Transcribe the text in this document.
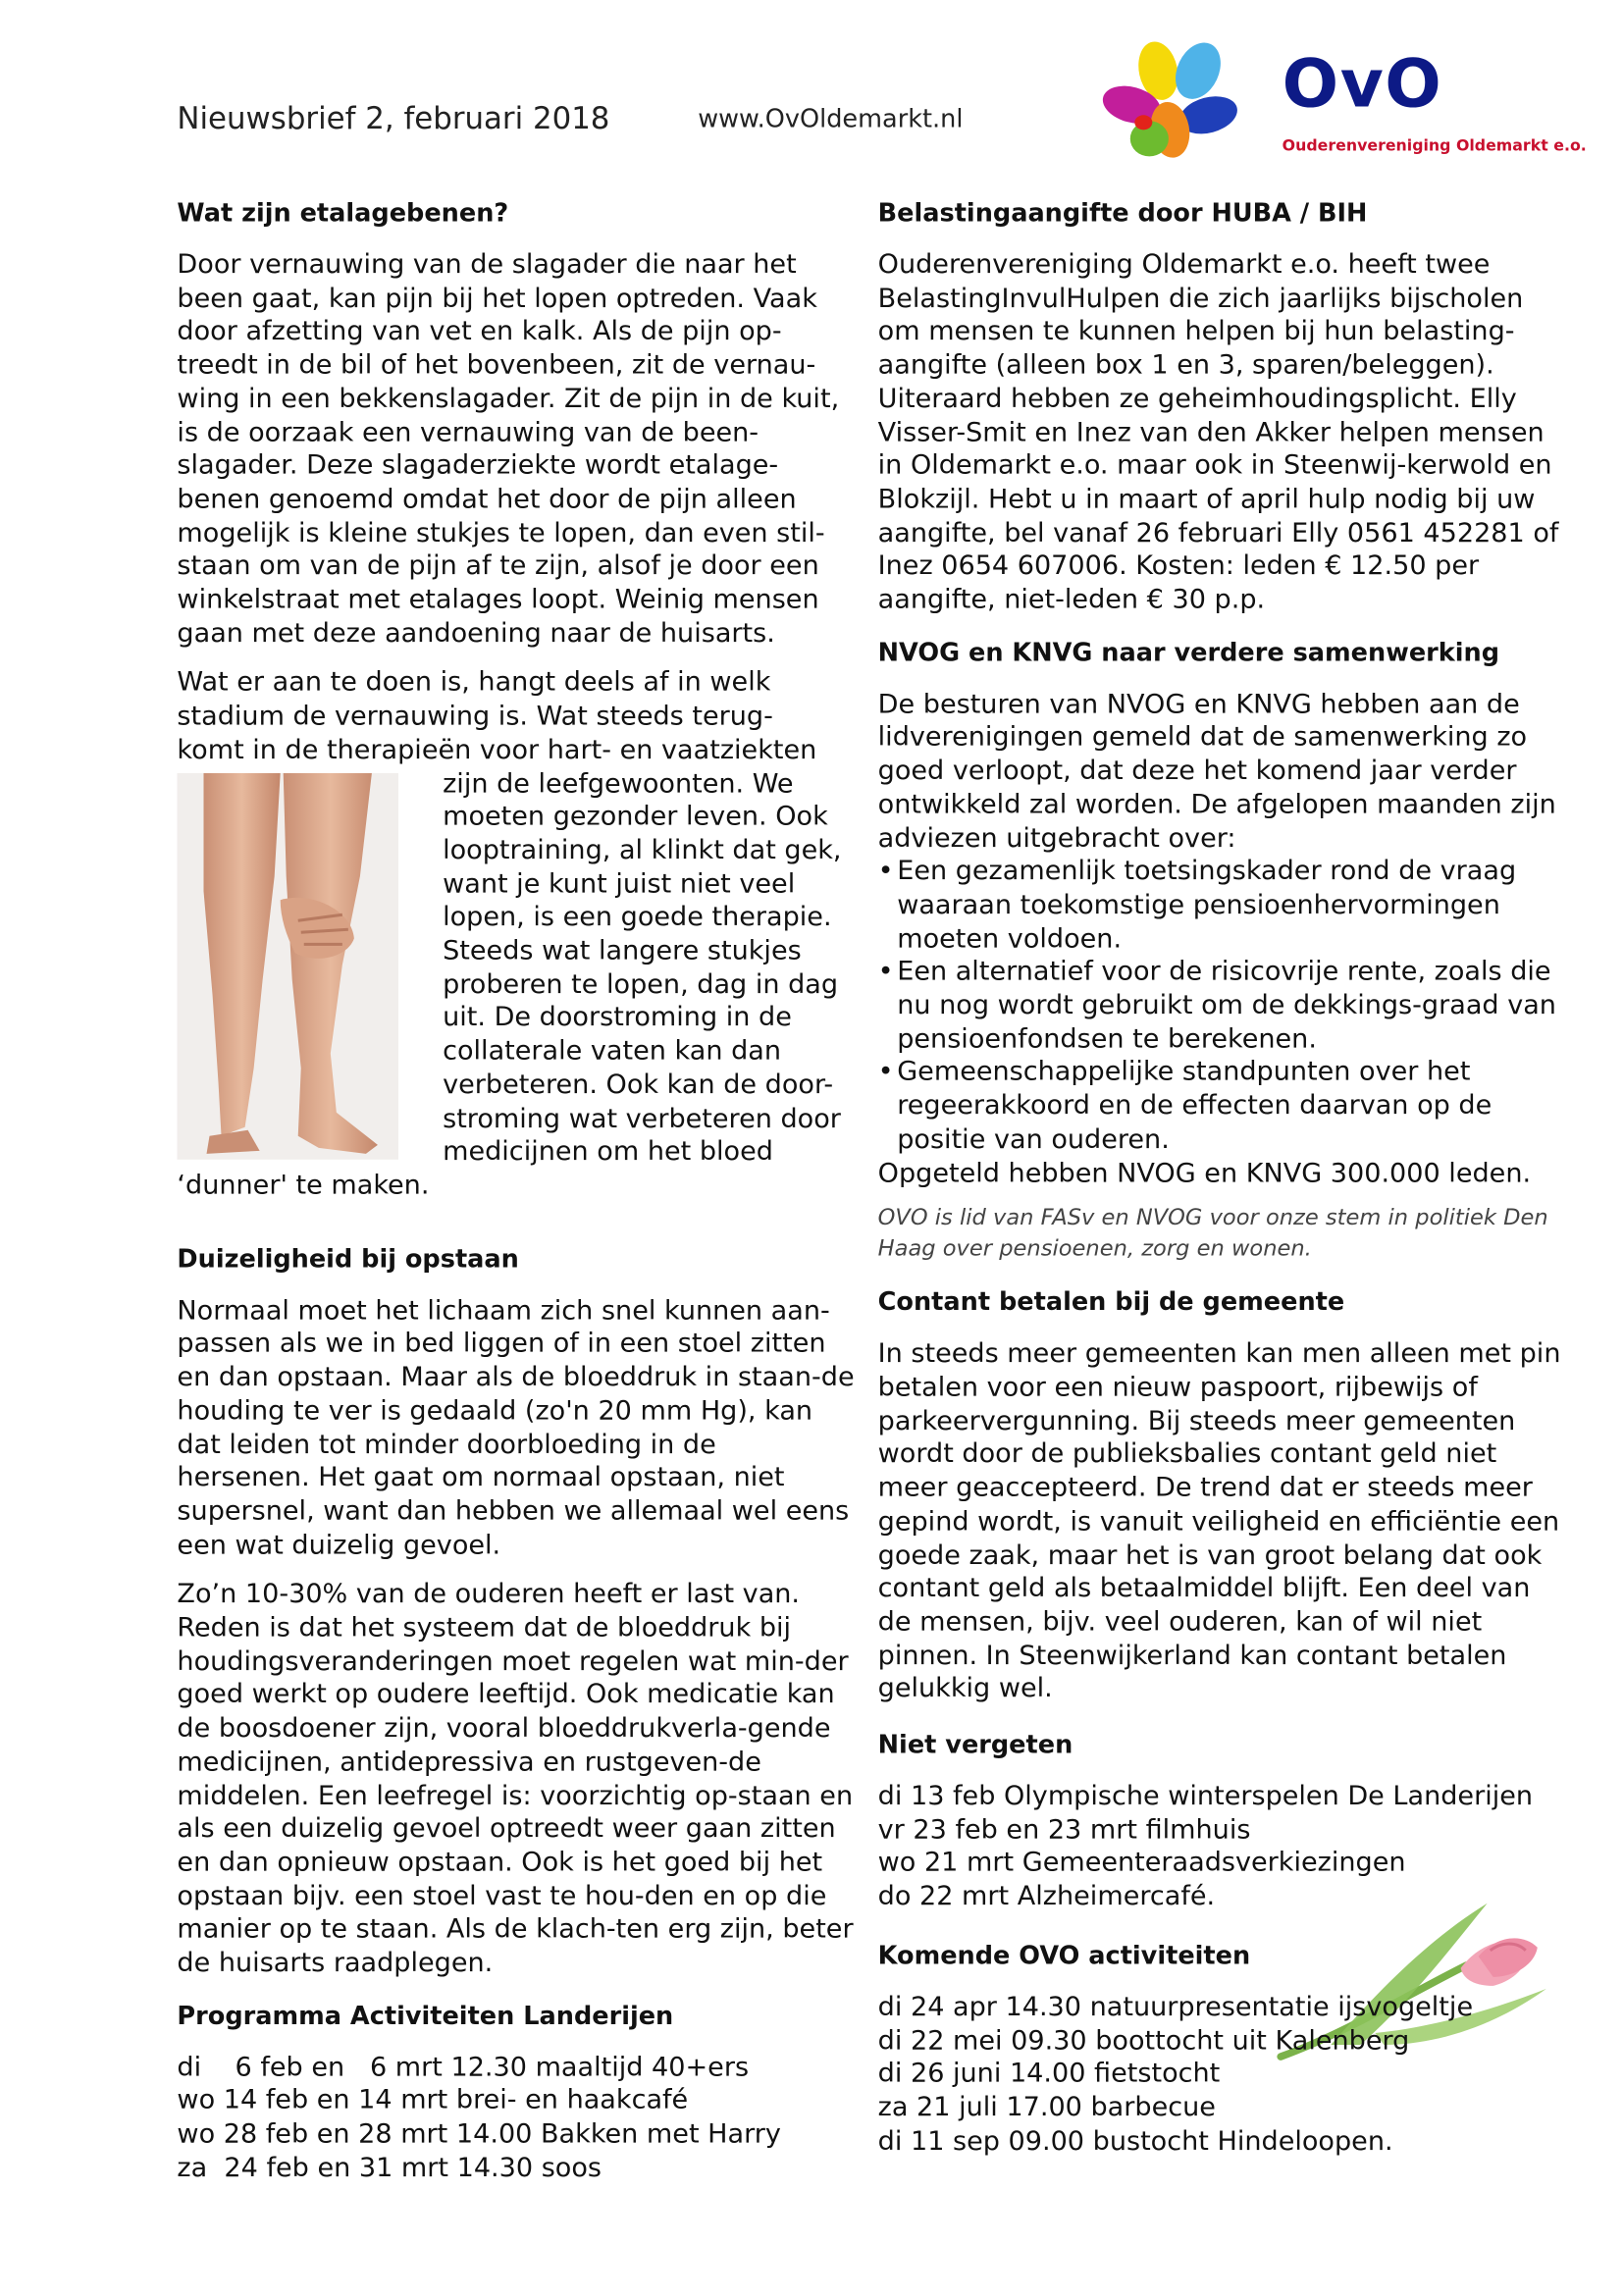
Nieuwsbrief 2, februari 2018	www.OvOldemarkt.nl	OvO
Ouderenvereniging Oldemarkt e.o.
Wat zijn etalagebenen?

Door vernauwing van de slagader die naar het been gaat, kan pijn bij het lopen optreden. Vaak door afzetting van vet en kalk. Als de pijn op-treedt in de bil of het bovenbeen, zit de vernau-wing in een bekkenslagader. Zit de pijn in de kuit, is de oorzaak een vernauwing van de been-slagader. Deze slagaderziekte wordt etalage-benen genoemd omdat het door de pijn alleen mogelijk is kleine stukjes te lopen, dan even stil-staan om van de pijn af te zijn, alsof je door een winkelstraat met etalages loopt. Weinig mensen gaan met deze aandoening naar de huisarts.

Wat er aan te doen is, hangt deels af in welk
stadium de vernauwing is. Wat steeds terug-
komt in de therapieën voor hart- en vaatziekten
zijn de leefgewoonten. We moeten gezonder leven. Ook looptraining, al klinkt dat gek, want je kunt juist niet veel lopen, is een goede therapie. Steeds wat langere stukjes proberen te lopen, dag in dag uit. De doorstroming in de collaterale vaten kan dan verbeteren. Ook kan de door-stroming wat verbeteren door medicijnen om het bloed ‘dunner' te maken.

Duizeligheid bij opstaan

Normaal moet het lichaam zich snel kunnen aan-passen als we in bed liggen of in een stoel zitten en dan opstaan. Maar als de bloeddruk in staan-de houding te ver is gedaald (zo'n 20 mm Hg), kan dat leiden tot minder doorbloeding in de hersenen. Het gaat om normaal opstaan, niet supersnel, want dan hebben we allemaal wel eens een wat duizelig gevoel.

Zo’n 10-30% van de ouderen heeft er last van. Reden is dat het systeem dat de bloeddruk bij houdingsveranderingen moet regelen wat min-der goed werkt op oudere leeftijd. Ook medicatie kan de boosdoener zijn, vooral bloeddrukverla-gende medicijnen, antidepressiva en rustgeven-de middelen. Een leefregel is: voorzichtig op-staan en als een duizelig gevoel optreedt weer gaan zitten en dan opnieuw opstaan. Ook is het goed bij het opstaan bijv. een stoel vast te hou-den en op die manier op te staan. Als de klach-ten erg zijn, beter de huisarts raadplegen.

Programma Activiteiten Landerijen
di    6 feb en   6 mrt 12.30 maaltijd 40+ers
wo 14 feb en 14 mrt brei- en haakcafé
wo 28 feb en 28 mrt 14.00 Bakken met Harry
za  24 feb en 31 mrt 14.30 soos
Belastingaangifte door HUBA / BIH

Ouderenvereniging Oldemarkt e.o. heeft twee BelastingInvulHulpen die zich jaarlijks bijscholen om mensen te kunnen helpen bij hun belasting-aangifte (alleen box 1 en 3, sparen/beleggen). Uiteraard hebben ze geheimhoudingsplicht. Elly Visser-Smit en Inez van den Akker helpen mensen in Oldemarkt e.o. maar ook in Steenwij-kerwold en Blokzijl. Hebt u in maart of april hulp nodig bij uw aangifte, bel vanaf 26 februari Elly 0561 452281 of Inez 0654 607006. Kosten: leden € 12.50 per aangifte, niet-leden € 30 p.p.

NVOG en KNVG naar verdere samenwerking

De besturen van NVOG en KNVG hebben aan de lidverenigingen gemeld dat de samenwerking zo goed verloopt, dat deze het komend jaar verder ontwikkeld zal worden. De afgelopen maanden zijn adviezen uitgebracht over:

• Een gezamenlijk toetsingskader rond de vraag waaraan toekomstige pensioenhervormingen moeten voldoen.
• Een alternatief voor de risicovrije rente, zoals die nu nog wordt gebruikt om de dekkings-graad van pensioenfondsen te berekenen.
• Gemeenschappelijke standpunten over het regeerakkoord en de effecten daarvan op de positie van ouderen.

Opgeteld hebben NVOG en KNVG 300.000 leden.

OVO is lid van FASv en NVOG voor onze stem in politiek Den Haag over pensioenen, zorg en wonen.
Contant betalen bij de gemeente

In steeds meer gemeenten kan men alleen met pin betalen voor een nieuw paspoort, rijbewijs of parkeervergunning. Bij steeds meer gemeenten wordt door de publieksbalies contant geld niet meer geaccepteerd. De trend dat er steeds meer gepind wordt, is vanuit veiligheid en efficiëntie een goede zaak, maar het is van groot belang dat ook contant geld als betaalmiddel blijft. Een deel van de mensen, bijv. veel ouderen, kan of wil niet pinnen. In Steenwijkerland kan contant betalen gelukkig wel.

Niet vergeten
di 13 feb Olympische winterspelen De Landerijen
vr 23 feb en 23 mrt filmhuis
wo 21 mrt Gemeenteraadsverkiezingen
do 22 mrt Alzheimercafé.
Komende OVO activiteiten
di 24 apr 14.30 natuurpresentatie ijsvogeltje
di 22 mei 09.30 boottocht uit Kalenberg
di 26 juni 14.00 fietstocht
za 21 juli 17.00 barbecue
di 11 sep 09.00 bustocht Hindeloopen.
